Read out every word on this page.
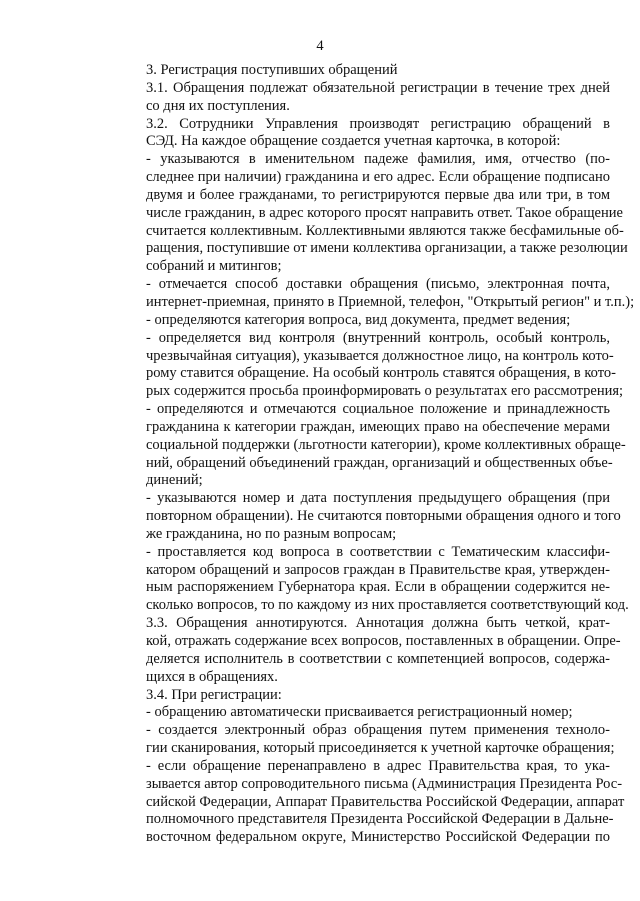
4
3. Регистрация поступивших обращений
3.1. Обращения подлежат обязательной регистрации в течение трех дней
со дня их поступления.
3.2. Сотрудники Управления производят регистрацию обращений в
СЭД. На каждое обращение создается учетная карточка, в которой:
- указываются в именительном падеже фамилия, имя, отчество (по-
следнее при наличии) гражданина и его адрес. Если обращение подписано
двумя и более гражданами, то регистрируются первые два или три, в том
числе гражданин, в адрес которого просят направить ответ. Такое обращение
считается коллективным. Коллективными являются также бесфамильные об-
ращения, поступившие от имени коллектива организации, а также резолюции
собраний и митингов;
- отмечается способ доставки обращения (письмо, электронная почта,
интернет-приемная, принято в Приемной, телефон, "Открытый регион" и т.п.);
- определяются категория вопроса, вид документа, предмет ведения;
- определяется вид контроля (внутренний контроль, особый контроль,
чрезвычайная ситуация), указывается должностное лицо, на контроль кото-
рому ставится обращение. На особый контроль ставятся обращения, в кото-
рых содержится просьба проинформировать о результатах его рассмотрения;
- определяются и отмечаются социальное положение и принадлежность
гражданина к категории граждан, имеющих право на обеспечение мерами
социальной поддержки (льготности категории), кроме коллективных обраще-
ний, обращений объединений граждан, организаций и общественных объе-
динений;
- указываются номер и дата поступления предыдущего обращения (при
повторном обращении). Не считаются повторными обращения одного и того
же гражданина, но по разным вопросам;
- проставляется код вопроса в соответствии с Тематическим классифи-
катором обращений и запросов граждан в Правительстве края, утвержден-
ным распоряжением Губернатора края. Если в обращении содержится не-
сколько вопросов, то по каждому из них проставляется соответствующий код.
3.3. Обращения аннотируются. Аннотация должна быть четкой, крат-
кой, отражать содержание всех вопросов, поставленных в обращении. Опре-
деляется исполнитель в соответствии с компетенцией вопросов, содержа-
щихся в обращениях.
3.4. При регистрации:
- обращению автоматически присваивается регистрационный номер;
- создается электронный образ обращения путем применения техноло-
гии сканирования, который присоединяется к учетной карточке обращения;
- если обращение перенаправлено в адрес Правительства края, то ука-
зывается автор сопроводительного письма (Администрация Президента Рос-
сийской Федерации, Аппарат Правительства Российской Федерации, аппарат
полномочного представителя Президента Российской Федерации в Дальне-
восточном федеральном округе, Министерство Российской Федерации по
